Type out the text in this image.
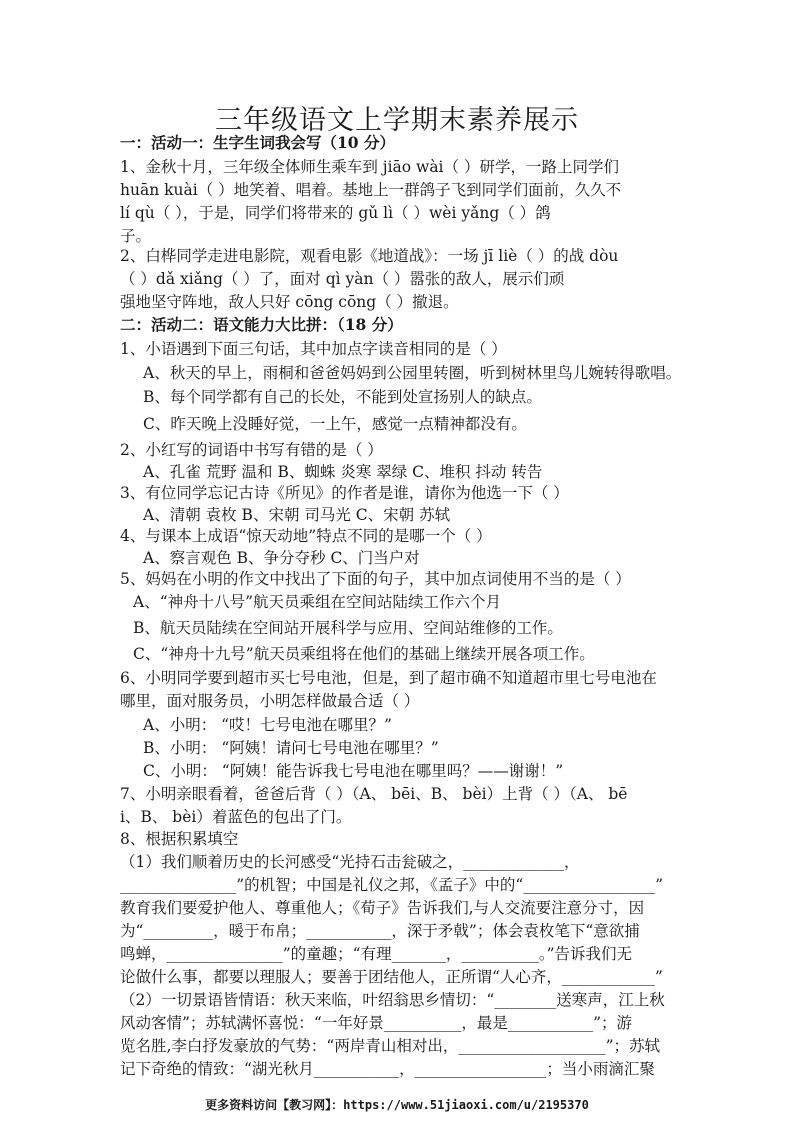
三年级语文上学期末素养展示
一：活动一：生字生词我会写（10 分）
1、金秋十月，三年级全体师生乘车到 jiāo wài（ ）研学，一路上同学们
huān kuài（ ）地笑着、唱着。基地上一群鸽子飞到同学们面前，久久不
lí qù（ ），于是，同学们将带来的 gǔ lì（ ）wèi yǎng（ ）鸽
子。
2、白桦同学走进电影院，观看电影《地道战》：一场 jī liè（ ）的战 dòu
（ ）dǎ xiǎng（ ）了，面对 qì yàn（ ）嚣张的敌人，展示们顽
强地坚守阵地，敌人只好 cōng cōng（ ）撤退。
二：活动二：语文能力大比拼：（18 分）
1、小语遇到下面三句话，其中加点字读音相同的是（ ）
A、秋天的早上，雨桐和爸爸妈妈到公园里转圈，听到树林里鸟儿婉转得歌唱。
B、每个同学都有自己的长处，不能到处宣扬别人的缺点。
C、昨天晚上没睡好觉，一上午，感觉一点精神都没有。
2、小红写的词语中书写有错的是（ ）
A、孔雀 荒野 温和 B、蜘蛛 炎寒 翠绿 C、堆积 抖动 转告
3、有位同学忘记古诗《所见》的作者是谁，请你为他选一下（ ）
A、清朝 袁枚 B、宋朝 司马光 C、宋朝 苏轼
4、与课本上成语“惊天动地”特点不同的是哪一个（ ）
A、察言观色 B、争分夺秒 C、门当户对
5、妈妈在小明的作文中找出了下面的句子，其中加点词使用不当的是（ ）
A、“神舟十八号”航天员乘组在空间站陆续工作六个月
B、航天员陆续在空间站开展科学与应用、空间站维修的工作。
C、“神舟十九号”航天员乘组将在他们的基础上继续开展各项工作。
6、小明同学要到超市买七号电池，但是，到了超市确不知道超市里七号电池在
哪里，面对服务员，小明怎样做最合适（ ）
A、小明： “哎！七号电池在哪里？”
B、小明： “阿姨！请问七号电池在哪里？”
C、小明： “阿姨！能告诉我七号电池在哪里吗？——谢谢！”
7、小明亲眼看着，爸爸后背（ ）（A、 bēi、B、 bèi）上背（ ）（A、 bē
i、B、 bèi）着蓝色的包出了门。
8、根据积累填空
（1）我们顺着历史的长河感受“光持石击瓮破之，_____________，
_______________”的机智；中国是礼仪之邦，《孟子》中的“_________________”
教育我们要爱护他人、尊重他人；《荀子》告诉我们,与人交流要注意分寸，因
为“_________，暖于布帛；___________，深于矛戟”；体会袁枚笔下“意欲捕
鸣蝉，_______________”的童趣；“有理_______，__________。”告诉我们无
论做什么事，都要以理服人；要善于团结他人，正所谓“人心齐，____________”
（2）一切景语皆情语：秋天来临，叶绍翁思乡情切：“________送寒声，江上秋
风动客情”；苏轼满怀喜悦：“一年好景__________，最是___________”；游
览名胜,李白抒发豪放的气势：“两岸青山相对出，___________________”；苏轼
记下奇绝的情致：“湖光秋月___________，_________________；当小雨滴汇聚
更多资料访问【教习网】：https://www.51jiaoxi.com/u/2195370
